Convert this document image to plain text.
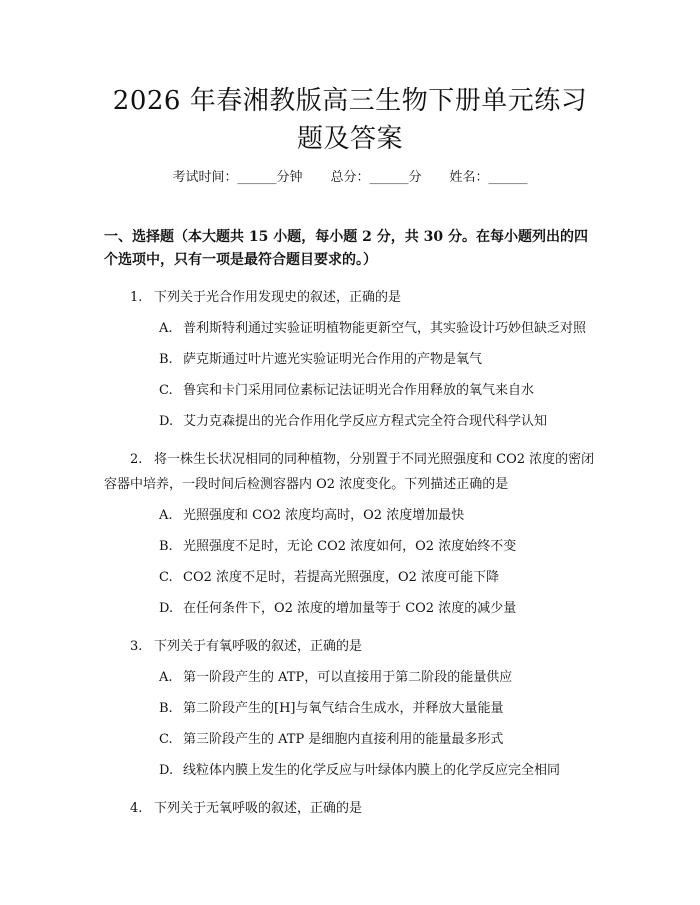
2026 年春湘教版高三生物下册单元练习题及答案
考试时间：______分钟 总分：______分 姓名：______
一、选择题（本大题共 15 小题，每小题 2 分，共 30 分。在每小题列出的四个选项中，只有一项是最符合题目要求的。）
1. 下列关于光合作用发现史的叙述，正确的是
A. 普利斯特利通过实验证明植物能更新空气，其实验设计巧妙但缺乏对照
B. 萨克斯通过叶片遮光实验证明光合作用的产物是氧气
C. 鲁宾和卡门采用同位素标记法证明光合作用释放的氧气来自水
D. 艾力克森提出的光合作用化学反应方程式完全符合现代科学认知
2. 将一株生长状况相同的同种植物，分别置于不同光照强度和 CO2 浓度的密闭容器中培养，一段时间后检测容器内 O2 浓度变化。下列描述正确的是
A. 光照强度和 CO2 浓度均高时，O2 浓度增加最快
B. 光照强度不足时，无论 CO2 浓度如何，O2 浓度始终不变
C. CO2 浓度不足时，若提高光照强度，O2 浓度可能下降
D. 在任何条件下，O2 浓度的增加量等于 CO2 浓度的减少量
3. 下列关于有氧呼吸的叙述，正确的是
A. 第一阶段产生的 ATP，可以直接用于第二阶段的能量供应
B. 第二阶段产生的[H]与氧气结合生成水，并释放大量能量
C. 第三阶段产生的 ATP 是细胞内直接利用的能量最多形式
D. 线粒体内膜上发生的化学反应与叶绿体内膜上的化学反应完全相同
4. 下列关于无氧呼吸的叙述，正确的是
